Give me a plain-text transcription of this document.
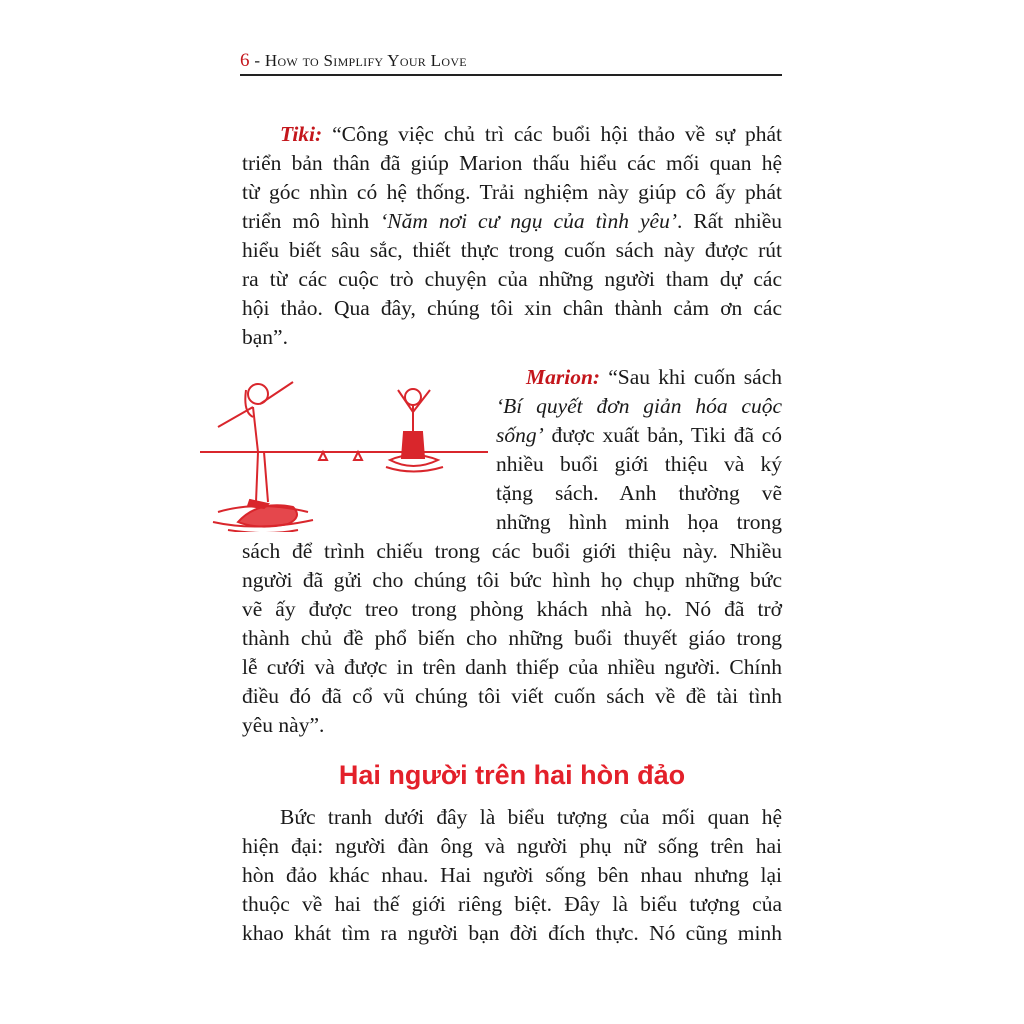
6 - How to Simplify Your Love
Tiki: “Công việc chủ trì các buổi hội thảo về sự phát
triển bản thân đã giúp Marion thấu hiểu các mối quan hệ
từ góc nhìn có hệ thống. Trải nghiệm này giúp cô ấy phát
triển mô hình ‘Năm nơi cư ngụ của tình yêu’. Rất nhiều
hiểu biết sâu sắc, thiết thực trong cuốn sách này được rút
ra từ các cuộc trò chuyện của những người tham dự các
hội thảo. Qua đây, chúng tôi xin chân thành cảm ơn các
bạn”.
Marion: “Sau khi cuốn sách
‘Bí quyết đơn giản hóa cuộc
sống’ được xuất bản, Tiki đã có
nhiều buổi giới thiệu và ký
tặng sách. Anh thường vẽ
những hình minh họa trong
sách để trình chiếu trong các buổi giới thiệu này. Nhiều
người đã gửi cho chúng tôi bức hình họ chụp những bức
vẽ ấy được treo trong phòng khách nhà họ. Nó đã trở
thành chủ đề phổ biến cho những buổi thuyết giáo trong
lễ cưới và được in trên danh thiếp của nhiều người. Chính
điều đó đã cổ vũ chúng tôi viết cuốn sách về đề tài tình
yêu này”.
Hai người trên hai hòn đảo
Bức tranh dưới đây là biểu tượng của mối quan hệ
hiện đại: người đàn ông và người phụ nữ sống trên hai
hòn đảo khác nhau. Hai người sống bên nhau nhưng lại
thuộc về hai thế giới riêng biệt. Đây là biểu tượng của
khao khát tìm ra người bạn đời đích thực. Nó cũng minh
